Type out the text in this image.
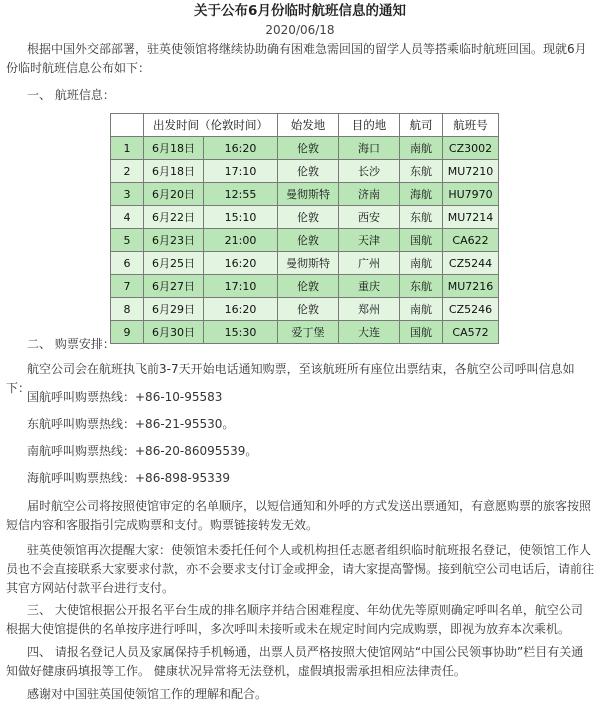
关于公布6月份临时航班信息的通知
2020/06/18
根据中国外交部部署，驻英使领馆将继续协助确有困难急需回国的留学人员等搭乘临时航班回国。现就6月份临时航班信息公布如下：
一、 航班信息：
	出发时间（伦敦时间）		始发地	目的地	航司	航班号
1	6月18日	16:20	伦敦	海口	南航	CZ3002
2	6月18日	17:10	伦敦	长沙	东航	MU7210
3	6月20日	12:55	曼彻斯特	济南	海航	HU7970
4	6月22日	15:10	伦敦	西安	东航	MU7214
5	6月23日	21:00	伦敦	天津	国航	CA622
6	6月25日	16:20	曼彻斯特	广州	南航	CZ5244
7	6月27日	17:10	伦敦	重庆	东航	MU7216
8	6月29日	16:20	伦敦	郑州	南航	CZ5246
9	6月30日	15:30	爱丁堡	大连	国航	CA572
二、 购票安排：
航空公司会在航班执飞前3-7天开始电话通知购票，至该航班所有座位出票结束，各航空公司呼叫信息如下：
国航呼叫购票热线：+86-10-95583
东航呼叫购票热线：+86-21-95530。
南航呼叫购票热线：+86-20-86095539。
海航呼叫购票热线：+86-898-95339
届时航空公司将按照使馆审定的名单顺序，以短信通知和外呼的方式发送出票通知，有意愿购票的旅客按照短信内容和客服指引完成购票和支付。购票链接转发无效。
驻英使领馆再次提醒大家：使领馆未委托任何个人或机构担任志愿者组织临时航班报名登记，使领馆工作人员也不会直接联系大家要求付款，亦不会要求支付订金或押金，请大家提高警惕。接到航空公司电话后，请前往其官方网站付款平台进行支付。
三、 大使馆根据公开报名平台生成的排名顺序并结合困难程度、年幼优先等原则确定呼叫名单，航空公司根据大使馆提供的名单按序进行呼叫，多次呼叫未接听或未在规定时间内完成购票，即视为放弃本次乘机。
四、 请报名登记人员及家属保持手机畅通，出票人员严格按照大使馆网站“中国公民领事协助”栏目有关通知做好健康码填报等工作。 健康状况异常将无法登机，虚假填报需承担相应法律责任。
感谢对中国驻英国使领馆工作的理解和配合。
